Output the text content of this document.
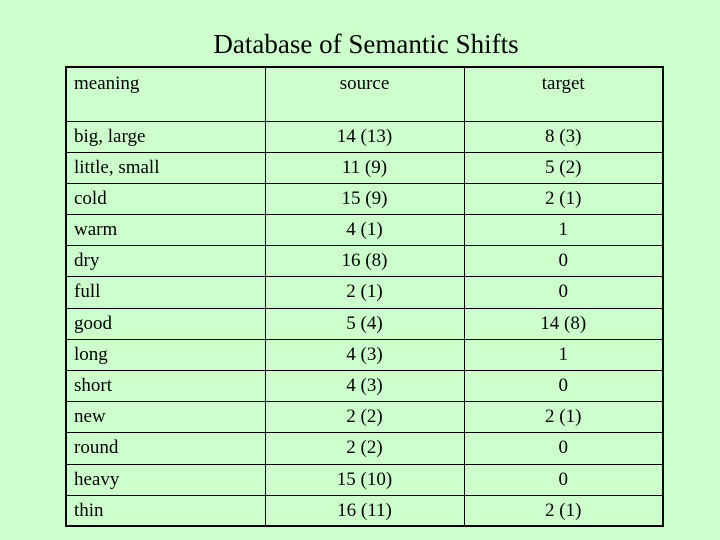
Database of Semantic Shifts
meaning	source	target
big, large	14 (13)	8 (3)
little, small	11 (9)	5 (2)
cold	15 (9)	2 (1)
warm	4 (1)	1
dry	16 (8)	0
full	2 (1)	0
good	5 (4)	14 (8)
long	4 (3)	1
short	4 (3)	0
new	2 (2)	2 (1)
round	2 (2)	0
heavy	15 (10)	0
thin	16 (11)	2 (1)
